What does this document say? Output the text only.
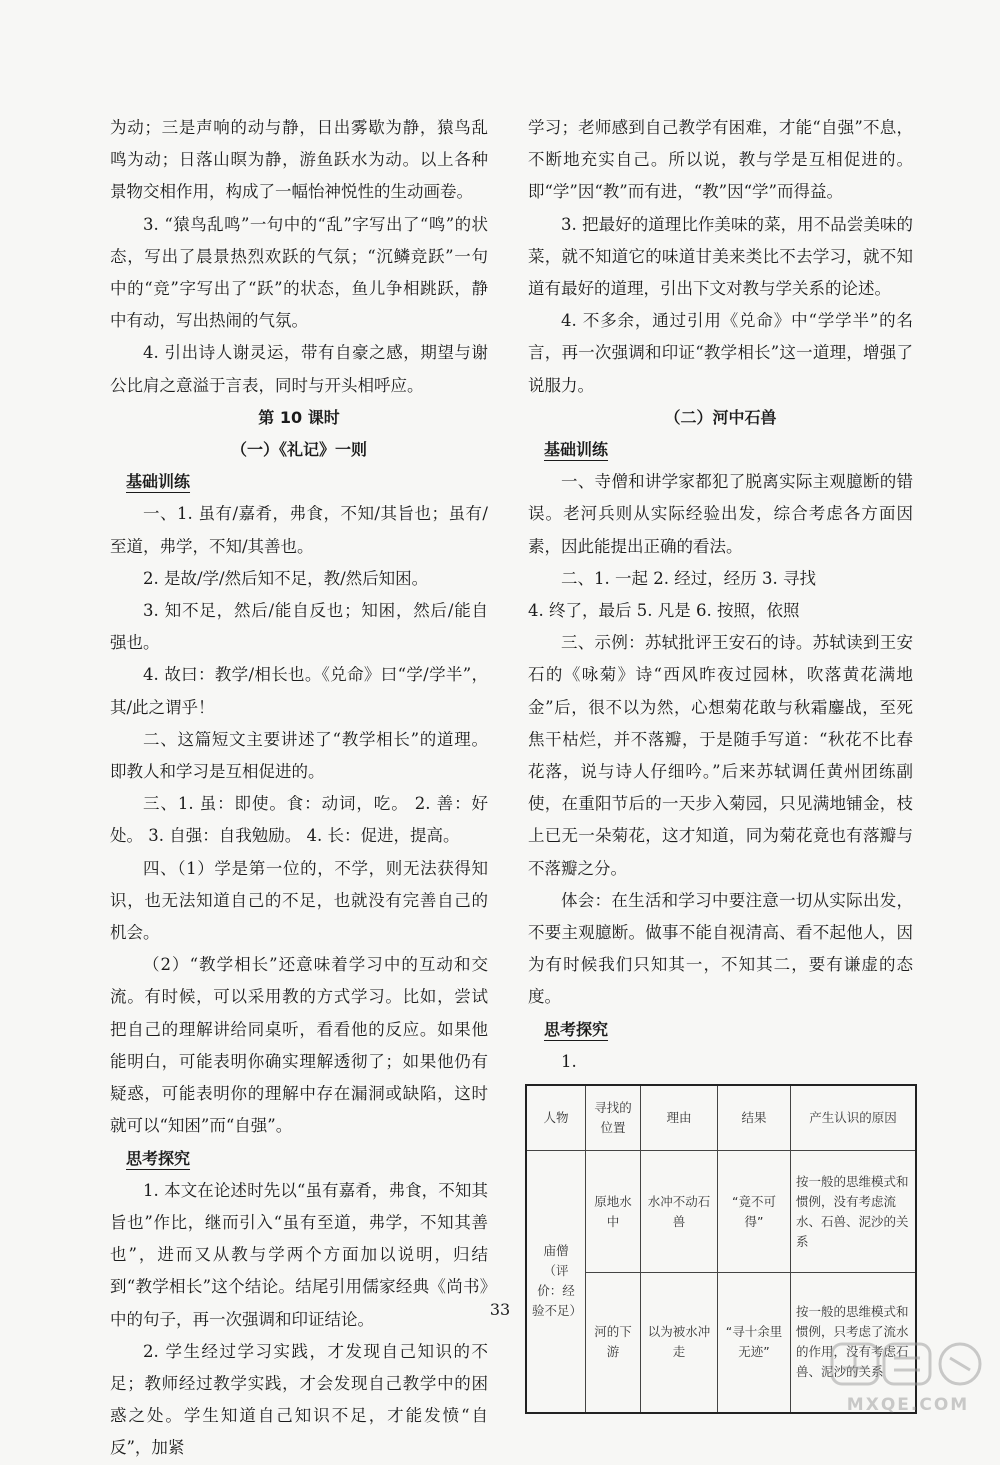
为动；三是声响的动与静，日出雾歇为静，猿鸟乱鸣为动；日落山暝为静，游鱼跃水为动。以上各种景物交相作用，构成了一幅怡神悦性的生动画卷。

3. “猿鸟乱鸣”一句中的“乱”字写出了“鸣”的状态，写出了晨景热烈欢跃的气氛；“沉鳞竞跃”一句中的“竞”字写出了“跃”的状态，鱼儿争相跳跃，静中有动，写出热闹的气氛。

4. 引出诗人谢灵运，带有自豪之感，期望与谢公比肩之意溢于言表，同时与开头相呼应。

第 10 课时

（一）《礼记》一则

基础训练

一、1. 虽有/嘉肴，弗食，不知/其旨也；虽有/至道，弗学，不知/其善也。

2. 是故/学/然后知不足，教/然后知困。

3. 知不足，然后/能自反也；知困，然后/能自强也。

4. 故曰：教学/相长也。《兑命》曰“学/学半”，其/此之谓乎！

二、这篇短文主要讲述了“教学相长”的道理。即教人和学习是互相促进的。

三、1. 虽：即使。食：动词，吃。 2. 善：好处。 3. 自强：自我勉励。 4. 长：促进，提高。

四、（1）学是第一位的，不学，则无法获得知识，也无法知道自己的不足，也就没有完善自己的机会。

（2）“教学相长”还意味着学习中的互动和交流。有时候，可以采用教的方式学习。比如，尝试把自己的理解讲给同桌听，看看他的反应。如果他能明白，可能表明你确实理解透彻了；如果他仍有疑惑，可能表明你的理解中存在漏洞或缺陷，这时就可以“知困”而“自强”。

思考探究

1. 本文在论述时先以“虽有嘉肴，弗食，不知其旨也”作比，继而引入“虽有至道，弗学，不知其善也”，进而又从教与学两个方面加以说明，归结到“教学相长”这个结论。结尾引用儒家经典《尚书》中的句子，再一次强调和印证结论。

2. 学生经过学习实践，才发现自己知识的不足；教师经过教学实践，才会发现自己教学中的困惑之处。学生知道自己知识不足，才能发愤“自反”，加紧

学习；老师感到自己教学有困难，才能“自强”不息，不断地充实自己。所以说，教与学是互相促进的。即“学”因“教”而有进，“教”因“学”而得益。

3. 把最好的道理比作美味的菜，用不品尝美味的菜，就不知道它的味道甘美来类比不去学习，就不知道有最好的道理，引出下文对教与学关系的论述。

4. 不多余，通过引用《兑命》中“学学半”的名言，再一次强调和印证“教学相长”这一道理，增强了说服力。

（二）河中石兽

基础训练

一、寺僧和讲学家都犯了脱离实际主观臆断的错误。老河兵则从实际经验出发，综合考虑各方面因素，因此能提出正确的看法。

二、1. 一起 2. 经过，经历 3. 寻找

4. 终了，最后 5. 凡是 6. 按照，依照

三、示例：苏轼批评王安石的诗。苏轼读到王安石的《咏菊》诗“西风昨夜过园林，吹落黄花满地金”后，很不以为然，心想菊花敢与秋霜鏖战，至死焦干枯烂，并不落瓣，于是随手写道：“秋花不比春花落，说与诗人仔细吟。”后来苏轼调任黄州团练副使，在重阳节后的一天步入菊园，只见满地铺金，枝上已无一朵菊花，这才知道，同为菊花竟也有落瓣与不落瓣之分。

体会：在生活和学习中要注意一切从实际出发，不要主观臆断。做事不能自视清高、看不起他人，因为有时候我们只知其一，不知其二，要有谦虚的态度。

思考探究

1.

人物	寻找的位置	理由	结果	产生认识的原因
庙僧（评价：经验不足）	原地水中	水冲不动石兽	“竟不可得”	按一般的思维模式和惯例，没有考虑流水、石兽、泥沙的关系
	河的下游	以为被水冲走	“寻十余里无迹”	按一般的思维模式和惯例，只考虑了流水的作用，没有考虑石兽、泥沙的关系
33
MXQE.COM
